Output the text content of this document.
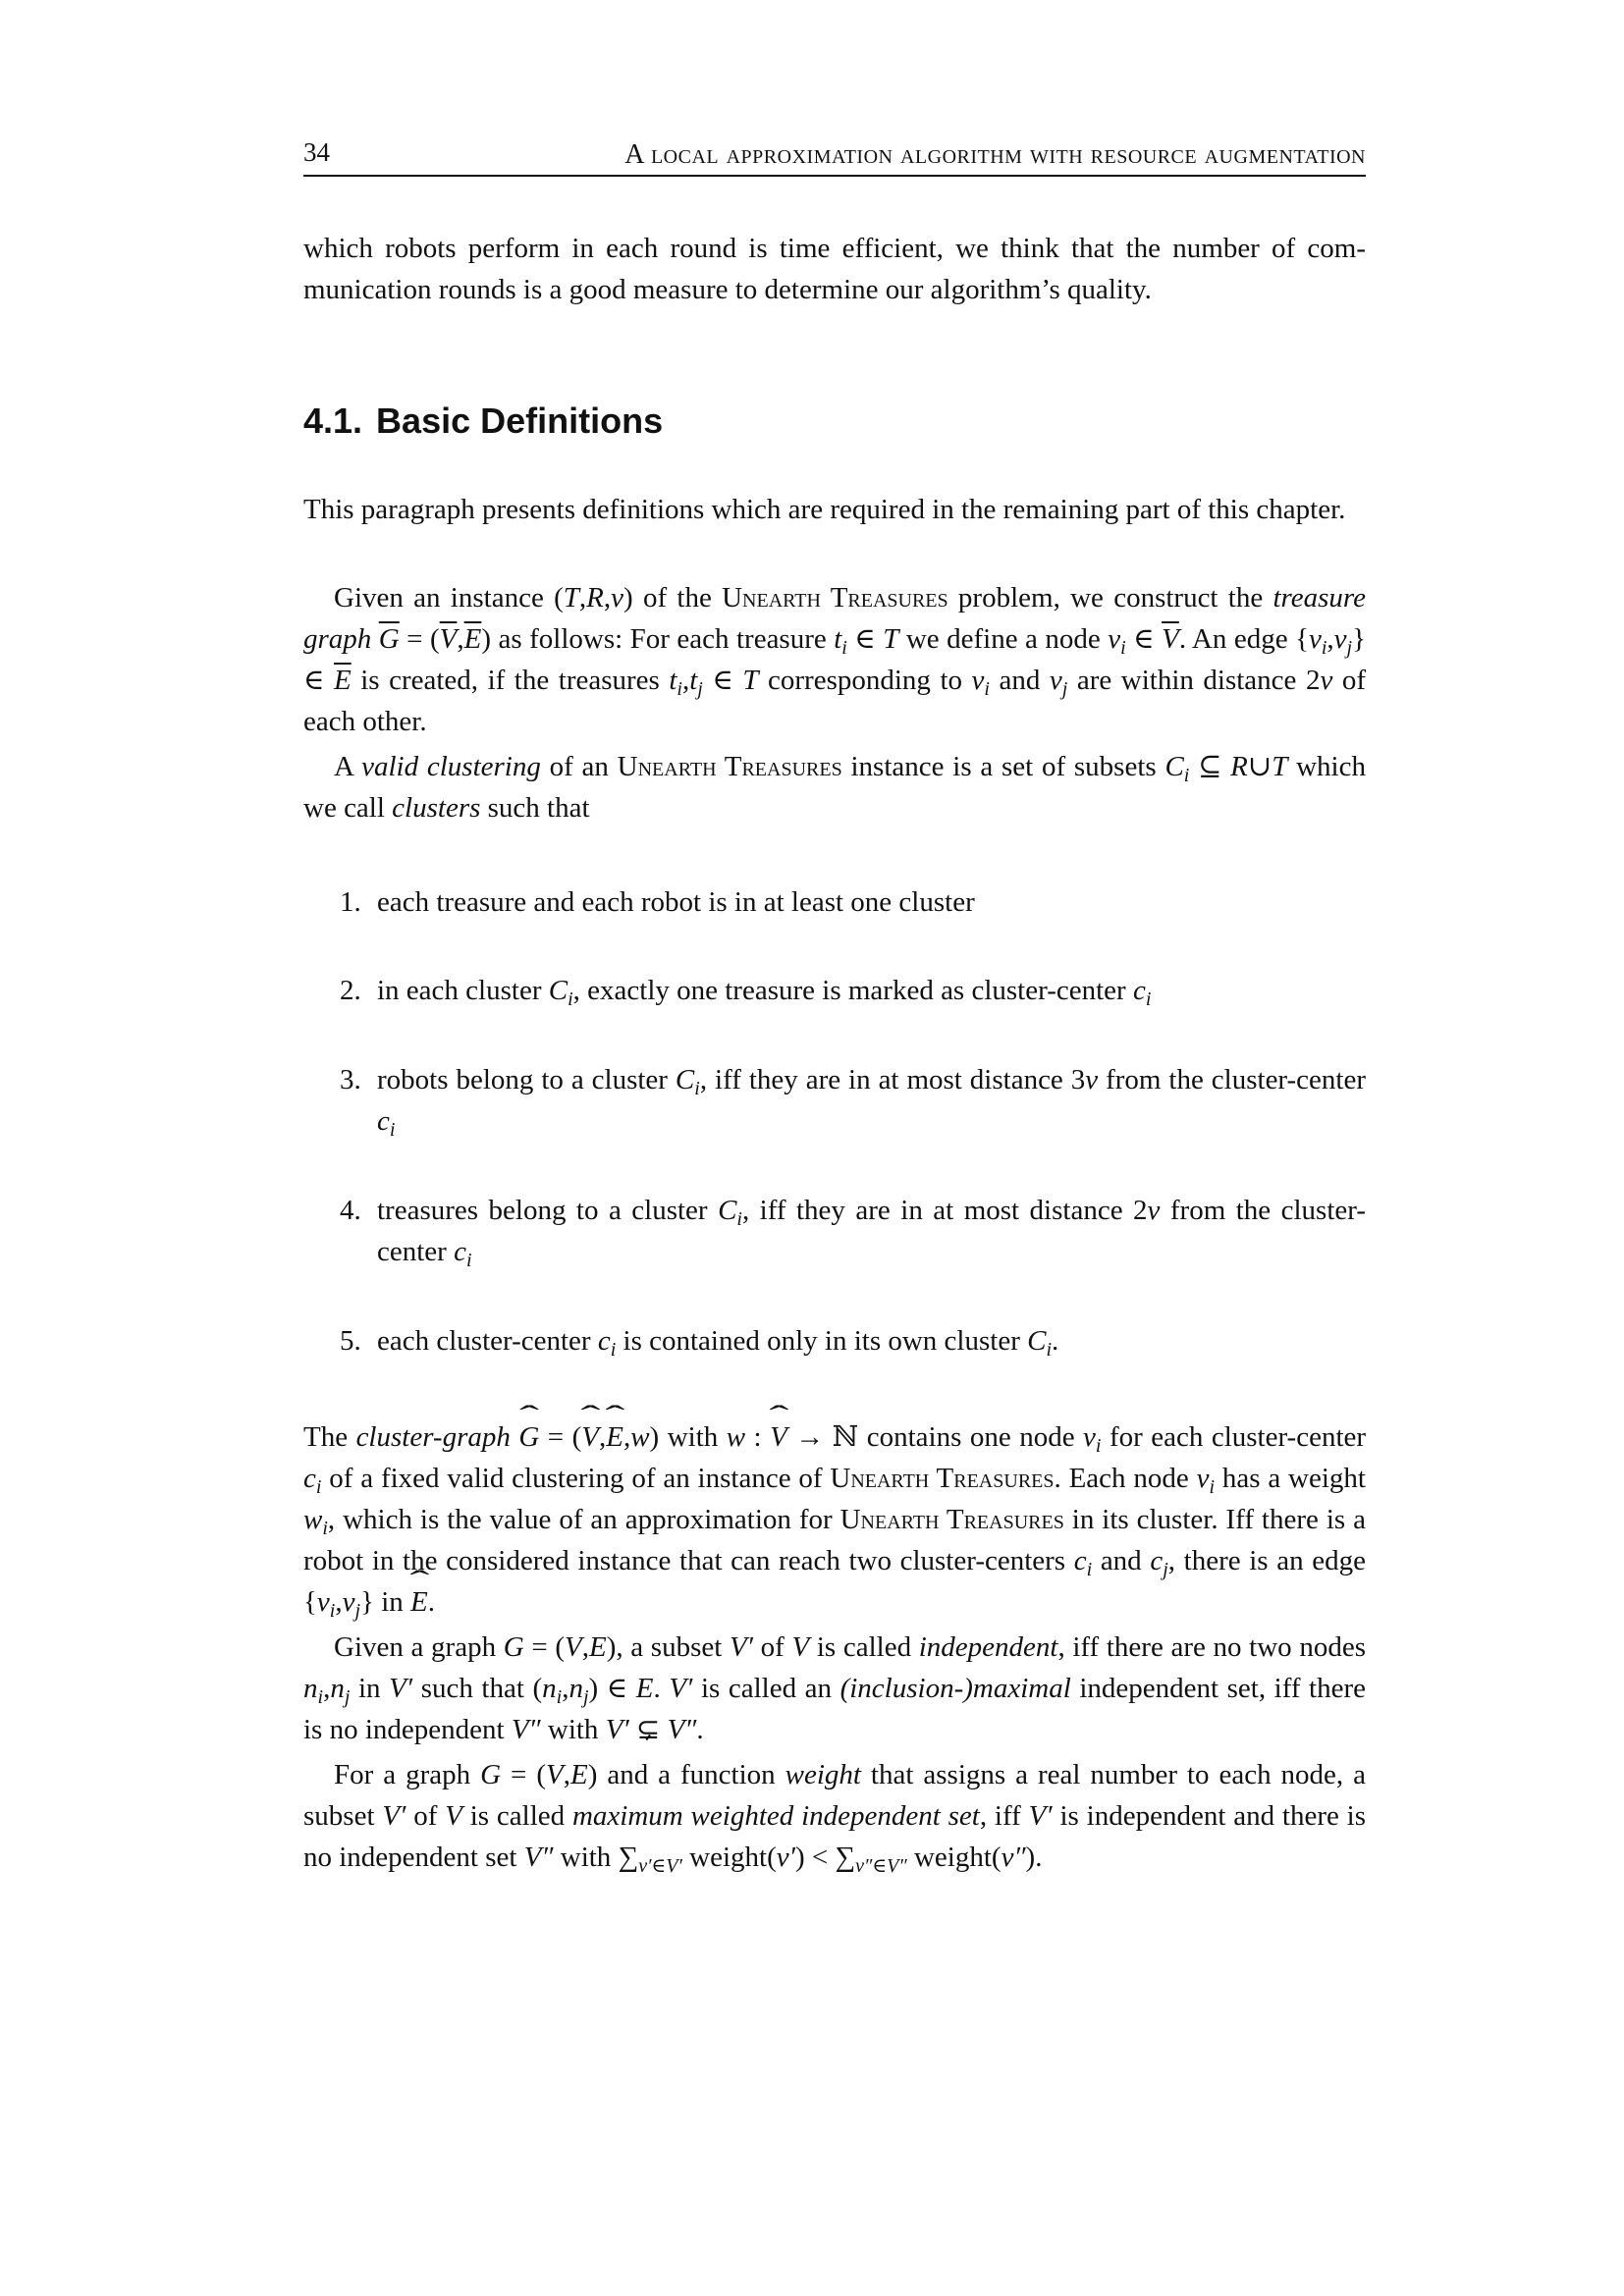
34	A local approximation algorithm with resource augmentation

which robots perform in each round is time efficient, we think that the number of com-

munication rounds is a good measure to determine our algorithm’s quality.

4.1. Basic Definitions

This paragraph presents definitions which are required in the remaining part of this chapter.

Given an instance (T,R,v) of the Unearth Treasures problem, we construct the treasure graph $\overline{G} = (\overline{V},\overline{E})$ as follows: For each treasure $t_i$ ∈ T we define a node $v_i$ ∈ $\overline{V}$. An edge $\{v_i,v_j\}$ ∈ $\overline{E}$ is created, if the treasures $t_i,t_j$ ∈ T corresponding to $v_i$ and $v_j$ are within distance 2v of each other.

A valid clustering of an Unearth Treasures instance is a set of subsets $C_i$ ⊆ R∪T which we call clusters such that

1. each treasure and each robot is in at least one cluster
2. in each cluster $C_i$, exactly one treasure is marked as cluster-center $c_i$
3. robots belong to a cluster $C_i$, iff they are in at most distance 3v from the cluster-center $c_i$
4. treasures belong to a cluster $C_i$, iff they are in at most distance 2v from the cluster-center $c_i$
5. each cluster-center $c_i$ is contained only in its own cluster $C_i$.

The cluster-graph ˆ G = (ˆ V,ˆ E,w) with w : ˆ V → ℕ contains one node $v_i$ for each cluster-center $c_i$ of a fixed valid clustering of an instance of Unearth Treasures. Each node $v_i$ has a weight $w_i$, which is the value of an approximation for Unearth Treasures in its cluster. Iff there is a robot in the considered instance that can reach two cluster-centers $c_i$ and $c_j$, there is an edge $\{v_i,v_j\}$ in ˆ E.

Given a graph G = (V,E), a subset V′ of V is called independent, iff there are no two nodes $n_i,n_j$ in V′ such that $(n_i,n_j)$ ∈ E. V′ is called an (inclusion-)maximal independent set, iff there is no independent V″ with V′ ⊊ V″.

For a graph G = (V,E) and a function weight that assigns a real number to each node, a subset V′ of V is called maximum weighted independent set, iff V′ is independent and there is no independent set V″ with $\sum_{v'\in V'}$ weight(v′) < $\sum_{v''\in V''}$ weight(v″).
